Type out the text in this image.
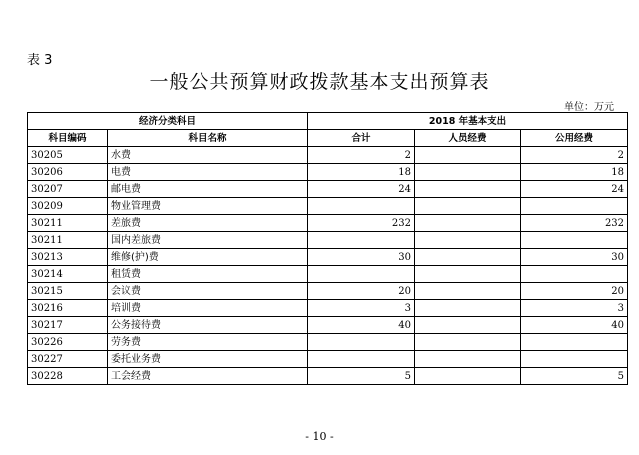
表 3
一般公共预算财政拨款基本支出预算表
单位：万元
经济分类科目		2018 年基本支出		
科目编码	科目名称	合计	人员经费	公用经费
30205	水费	2		2
30206	电费	18		18
30207	邮电费	24		24
30209	物业管理费			
30211	差旅费	232		232
30211	国内差旅费			
30213	维修(护)费	30		30
30214	租赁费			
30215	会议费	20		20
30216	培训费	3		3
30217	公务接待费	40		40
30226	劳务费			
30227	委托业务费			
30228	工会经费	5		5
- 10 -
